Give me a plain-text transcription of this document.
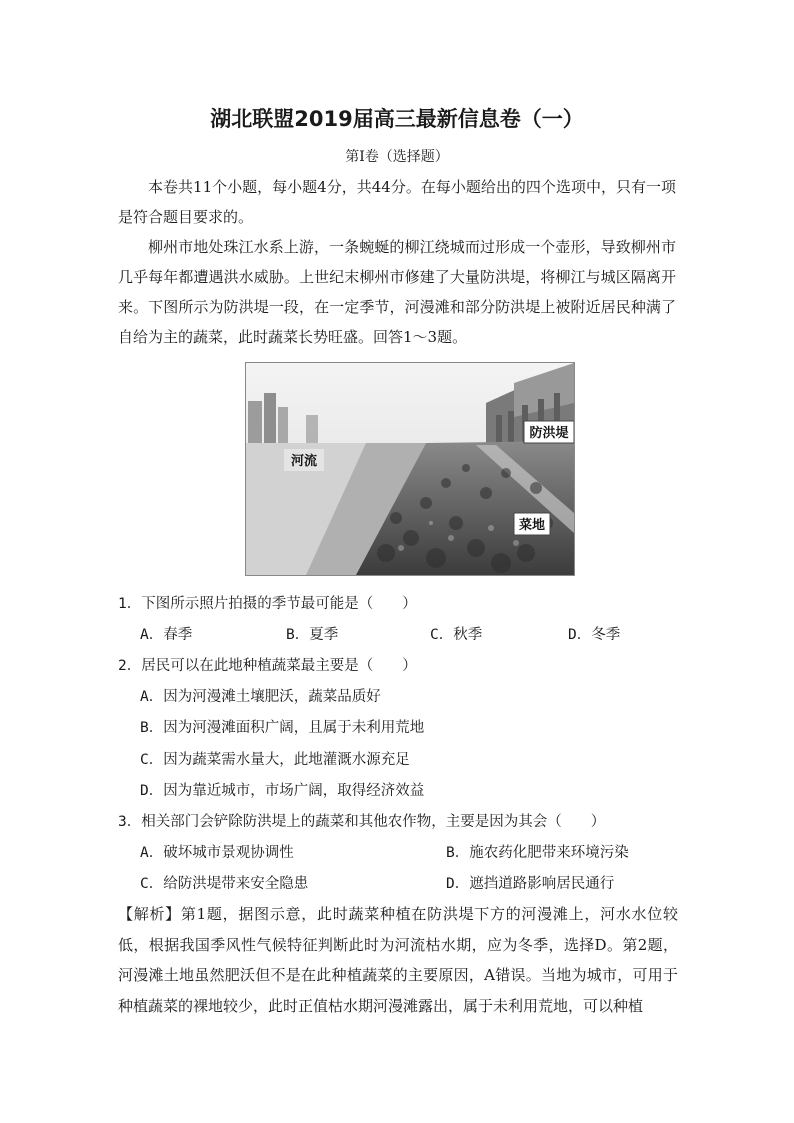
湖北联盟2019届高三最新信息卷（一）
第Ⅰ卷（选择题）

本卷共11个小题，每小题4分，共44分。在每小题给出的四个选项中，只有一项是符合题目要求的。

柳州市地处珠江水系上游，一条蜿蜒的柳江绕城而过形成一个壶形，导致柳州市几乎每年都遭遇洪水威胁。上世纪末柳州市修建了大量防洪堤，将柳江与城区隔离开来。下图所示为防洪堤一段，在一定季节，河漫滩和部分防洪堤上被附近居民种满了自给为主的蔬菜，此时蔬菜长势旺盛。回答1～3题。

河流
防洪堤
菜地
1．下图所示照片拍摄的季节最可能是（　　）
A．春季	B．夏季	C．秋季	D．冬季
2．居民可以在此地种植蔬菜最主要是（　　）
A．因为河漫滩土壤肥沃，蔬菜品质好
B．因为河漫滩面积广阔，且属于未利用荒地
C．因为蔬菜需水量大，此地灌溉水源充足
D．因为靠近城市，市场广阔，取得经济效益
3．相关部门会铲除防洪堤上的蔬菜和其他农作物，主要是因为其会（　　）
A．破坏城市景观协调性	B．施农药化肥带来环境污染
C．给防洪堤带来安全隐患	D．遮挡道路影响居民通行

【解析】第1题，据图示意，此时蔬菜种植在防洪堤下方的河漫滩上，河水水位较低，根据我国季风性气候特征判断此时为河流枯水期，应为冬季，选择D。第2题，河漫滩土地虽然肥沃但不是在此种植蔬菜的主要原因，A错误。当地为城市，可用于种植蔬菜的裸地较少，此时正值枯水期河漫滩露出，属于未利用荒地，可以种植
